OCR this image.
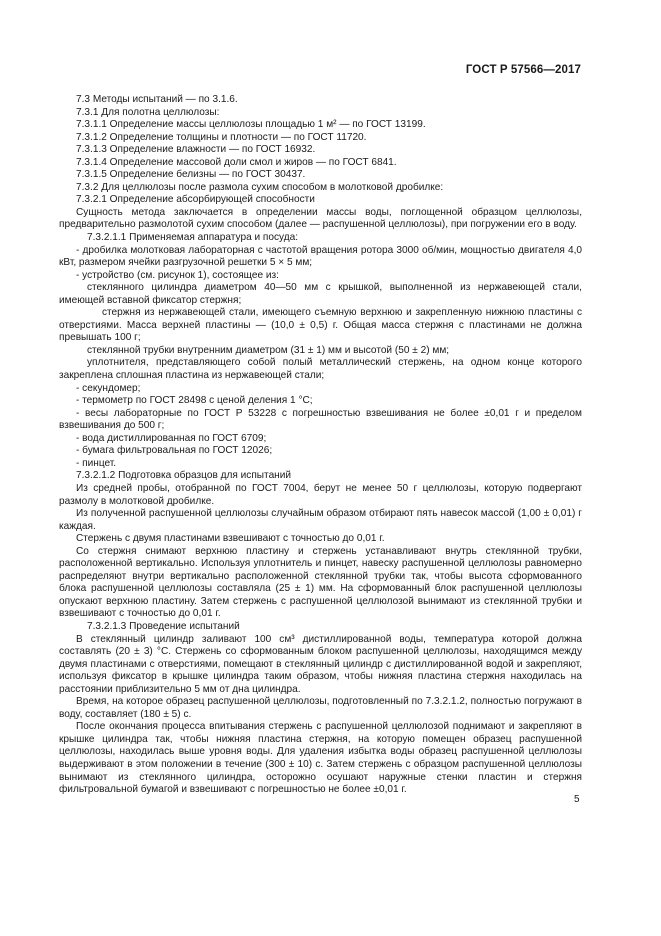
ГОСТ Р 57566—2017

7.3 Методы испытаний — по 3.1.6.

7.3.1 Для полотна целлюлозы:

7.3.1.1 Определение массы целлюлозы площадью 1 м² — по ГОСТ 13199.

7.3.1.2 Определение толщины и плотности — по ГОСТ 11720.

7.3.1.3 Определение влажности — по ГОСТ 16932.

7.3.1.4 Определение массовой доли смол и жиров — по ГОСТ 6841.

7.3.1.5 Определение белизны — по ГОСТ 30437.

7.3.2 Для целлюлозы после размола сухим способом в молотковой дробилке:

7.3.2.1 Определение абсорбирующей способности

Сущность метода заключается в определении массы воды, поглощенной образцом целлюлозы, предварительно размолотой сухим способом (далее — распушенной целлюлозы), при погружении его в воду.

7.3.2.1.1 Применяемая аппаратура и посуда:

- дробилка молотковая лабораторная с частотой вращения ротора 3000 об/мин, мощностью двигателя 4,0 кВт, размером ячейки разгрузочной решетки 5 × 5 мм;

- устройство (см. рисунок 1), состоящее из:

стеклянного цилиндра диаметром 40—50 мм с крышкой, выполненной из нержавеющей стали, имеющей вставной фиксатор стержня;

стержня из нержавеющей стали, имеющего съемную верхнюю и закрепленную нижнюю пластины с отверстиями. Масса верхней пластины — (10,0 ± 0,5) г. Общая масса стержня с пластинами не должна превышать 100 г;

стеклянной трубки внутренним диаметром (31 ± 1) мм и высотой (50 ± 2) мм;

уплотнителя, представляющего собой полый металлический стержень, на одном конце которого закреплена сплошная пластина из нержавеющей стали;

- секундомер;

- термометр по ГОСТ 28498 с ценой деления 1 °С;

- весы лабораторные по ГОСТ Р 53228 с погрешностью взвешивания не более ±0,01 г и пределом взвешивания до 500 г;

- вода дистиллированная по ГОСТ 6709;

- бумага фильтровальная по ГОСТ 12026;

- пинцет.

7.3.2.1.2 Подготовка образцов для испытаний

Из средней пробы, отобранной по ГОСТ 7004, берут не менее 50 г целлюлозы, которую подвергают размолу в молотковой дробилке.

Из полученной распушенной целлюлозы случайным образом отбирают пять навесок массой (1,00 ± 0,01) г каждая.

Стержень с двумя пластинами взвешивают с точностью до 0,01 г.

Со стержня снимают верхнюю пластину и стержень устанавливают внутрь стеклянной трубки, расположенной вертикально. Используя уплотнитель и пинцет, навеску распушенной целлюлозы равномерно распределяют внутри вертикально расположенной стеклянной трубки так, чтобы высота сформованного блока распушенной целлюлозы составляла (25 ± 1) мм. На сформованный блок распушенной целлюлозы опускают верхнюю пластину. Затем стержень с распушенной целлюлозой вынимают из стеклянной трубки и взвешивают с точностью до 0,01 г.

7.3.2.1.3 Проведение испытаний

В стеклянный цилиндр заливают 100 см³ дистиллированной воды, температура которой должна составлять (20 ± 3) °С. Стержень со сформованным блоком распушенной целлюлозы, находящимся между двумя пластинами с отверстиями, помещают в стеклянный цилиндр с дистиллированной водой и закрепляют, используя фиксатор в крышке цилиндра таким образом, чтобы нижняя пластина стержня находилась на расстоянии приблизительно 5 мм от дна цилиндра.

Время, на которое образец распушенной целлюлозы, подготовленный по 7.3.2.1.2, полностью погружают в воду, составляет (180 ± 5) с.

После окончания процесса впитывания стержень с распушенной целлюлозой поднимают и закрепляют в крышке цилиндра так, чтобы нижняя пластина стержня, на которую помещен образец распушенной целлюлозы, находилась выше уровня воды. Для удаления избытка воды образец распушенной целлюлозы выдерживают в этом положении в течение (300 ± 10) с. Затем стержень с образцом распушенной целлюлозы вынимают из стеклянного цилиндра, осторожно осушают наружные стенки пластин и стержня фильтровальной бумагой и взвешивают с погрешностью не более ±0,01 г.

5
